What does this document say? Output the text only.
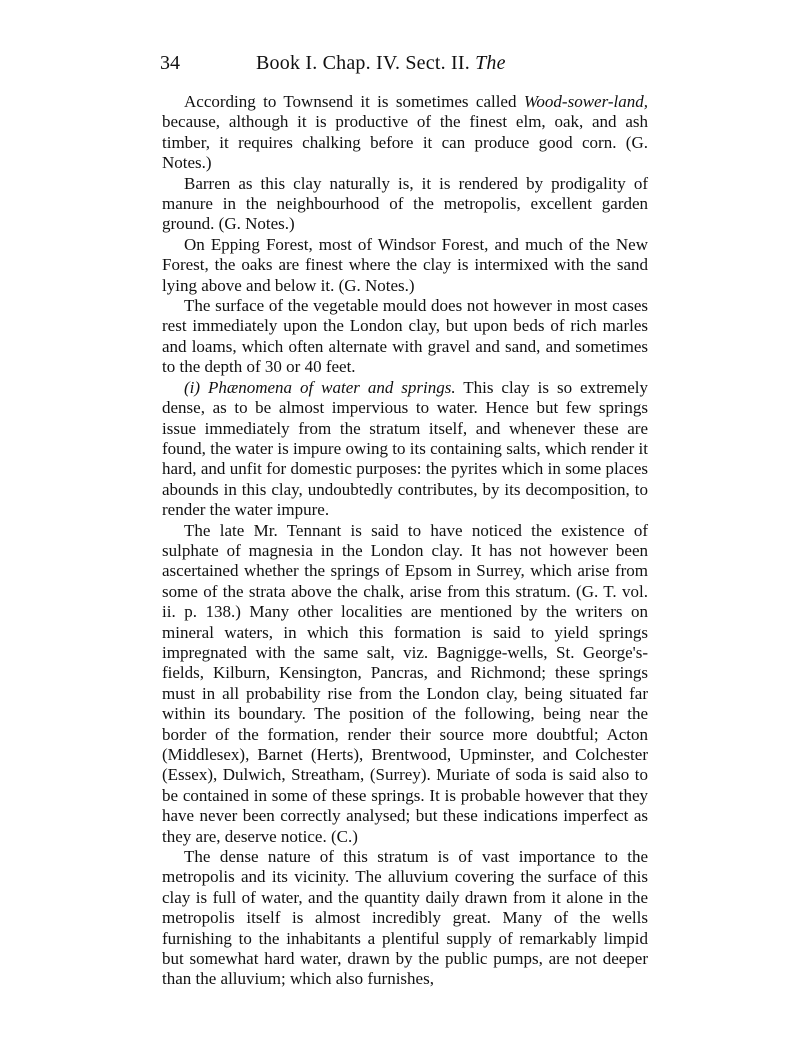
34	Book I. Chap. IV. Sect. II. The

According to Townsend it is sometimes called Wood-sower-land, because, although it is productive of the finest elm, oak, and ash timber, it requires chalking before it can produce good corn. (G. Notes.)

Barren as this clay naturally is, it is rendered by prodigality of manure in the neighbourhood of the metropolis, excellent garden ground. (G. Notes.)

On Epping Forest, most of Windsor Forest, and much of the New Forest, the oaks are finest where the clay is intermixed with the sand lying above and below it. (G. Notes.)

The surface of the vegetable mould does not however in most cases rest immediately upon the London clay, but upon beds of rich marles and loams, which often alternate with gravel and sand, and sometimes to the depth of 30 or 40 feet.

(i) Phænomena of water and springs. This clay is so extremely dense, as to be almost impervious to water. Hence but few springs issue immediately from the stratum itself, and whenever these are found, the water is impure owing to its containing salts, which render it hard, and unfit for domestic purposes: the pyrites which in some places abounds in this clay, undoubtedly contributes, by its decomposition, to render the water impure.

The late Mr. Tennant is said to have noticed the existence of sulphate of magnesia in the London clay. It has not however been ascertained whether the springs of Epsom in Surrey, which arise from some of the strata above the chalk, arise from this stratum. (G. T. vol. ii. p. 138.) Many other localities are mentioned by the writers on mineral waters, in which this formation is said to yield springs impregnated with the same salt, viz. Bagnigge-wells, St. George's-fields, Kilburn, Kensington, Pancras, and Richmond; these springs must in all probability rise from the London clay, being situated far within its boundary. The position of the following, being near the border of the formation, render their source more doubtful; Acton (Middlesex), Barnet (Herts), Brentwood, Upminster, and Colchester (Essex), Dulwich, Streatham, (Surrey). Muriate of soda is said also to be contained in some of these springs. It is probable however that they have never been correctly analysed; but these indications imperfect as they are, deserve notice. (C.)

The dense nature of this stratum is of vast importance to the metropolis and its vicinity. The alluvium covering the surface of this clay is full of water, and the quantity daily drawn from it alone in the metropolis itself is almost incredibly great. Many of the wells furnishing to the inhabitants a plentiful supply of remarkably limpid but somewhat hard water, drawn by the public pumps, are not deeper than the alluvium; which also furnishes,
